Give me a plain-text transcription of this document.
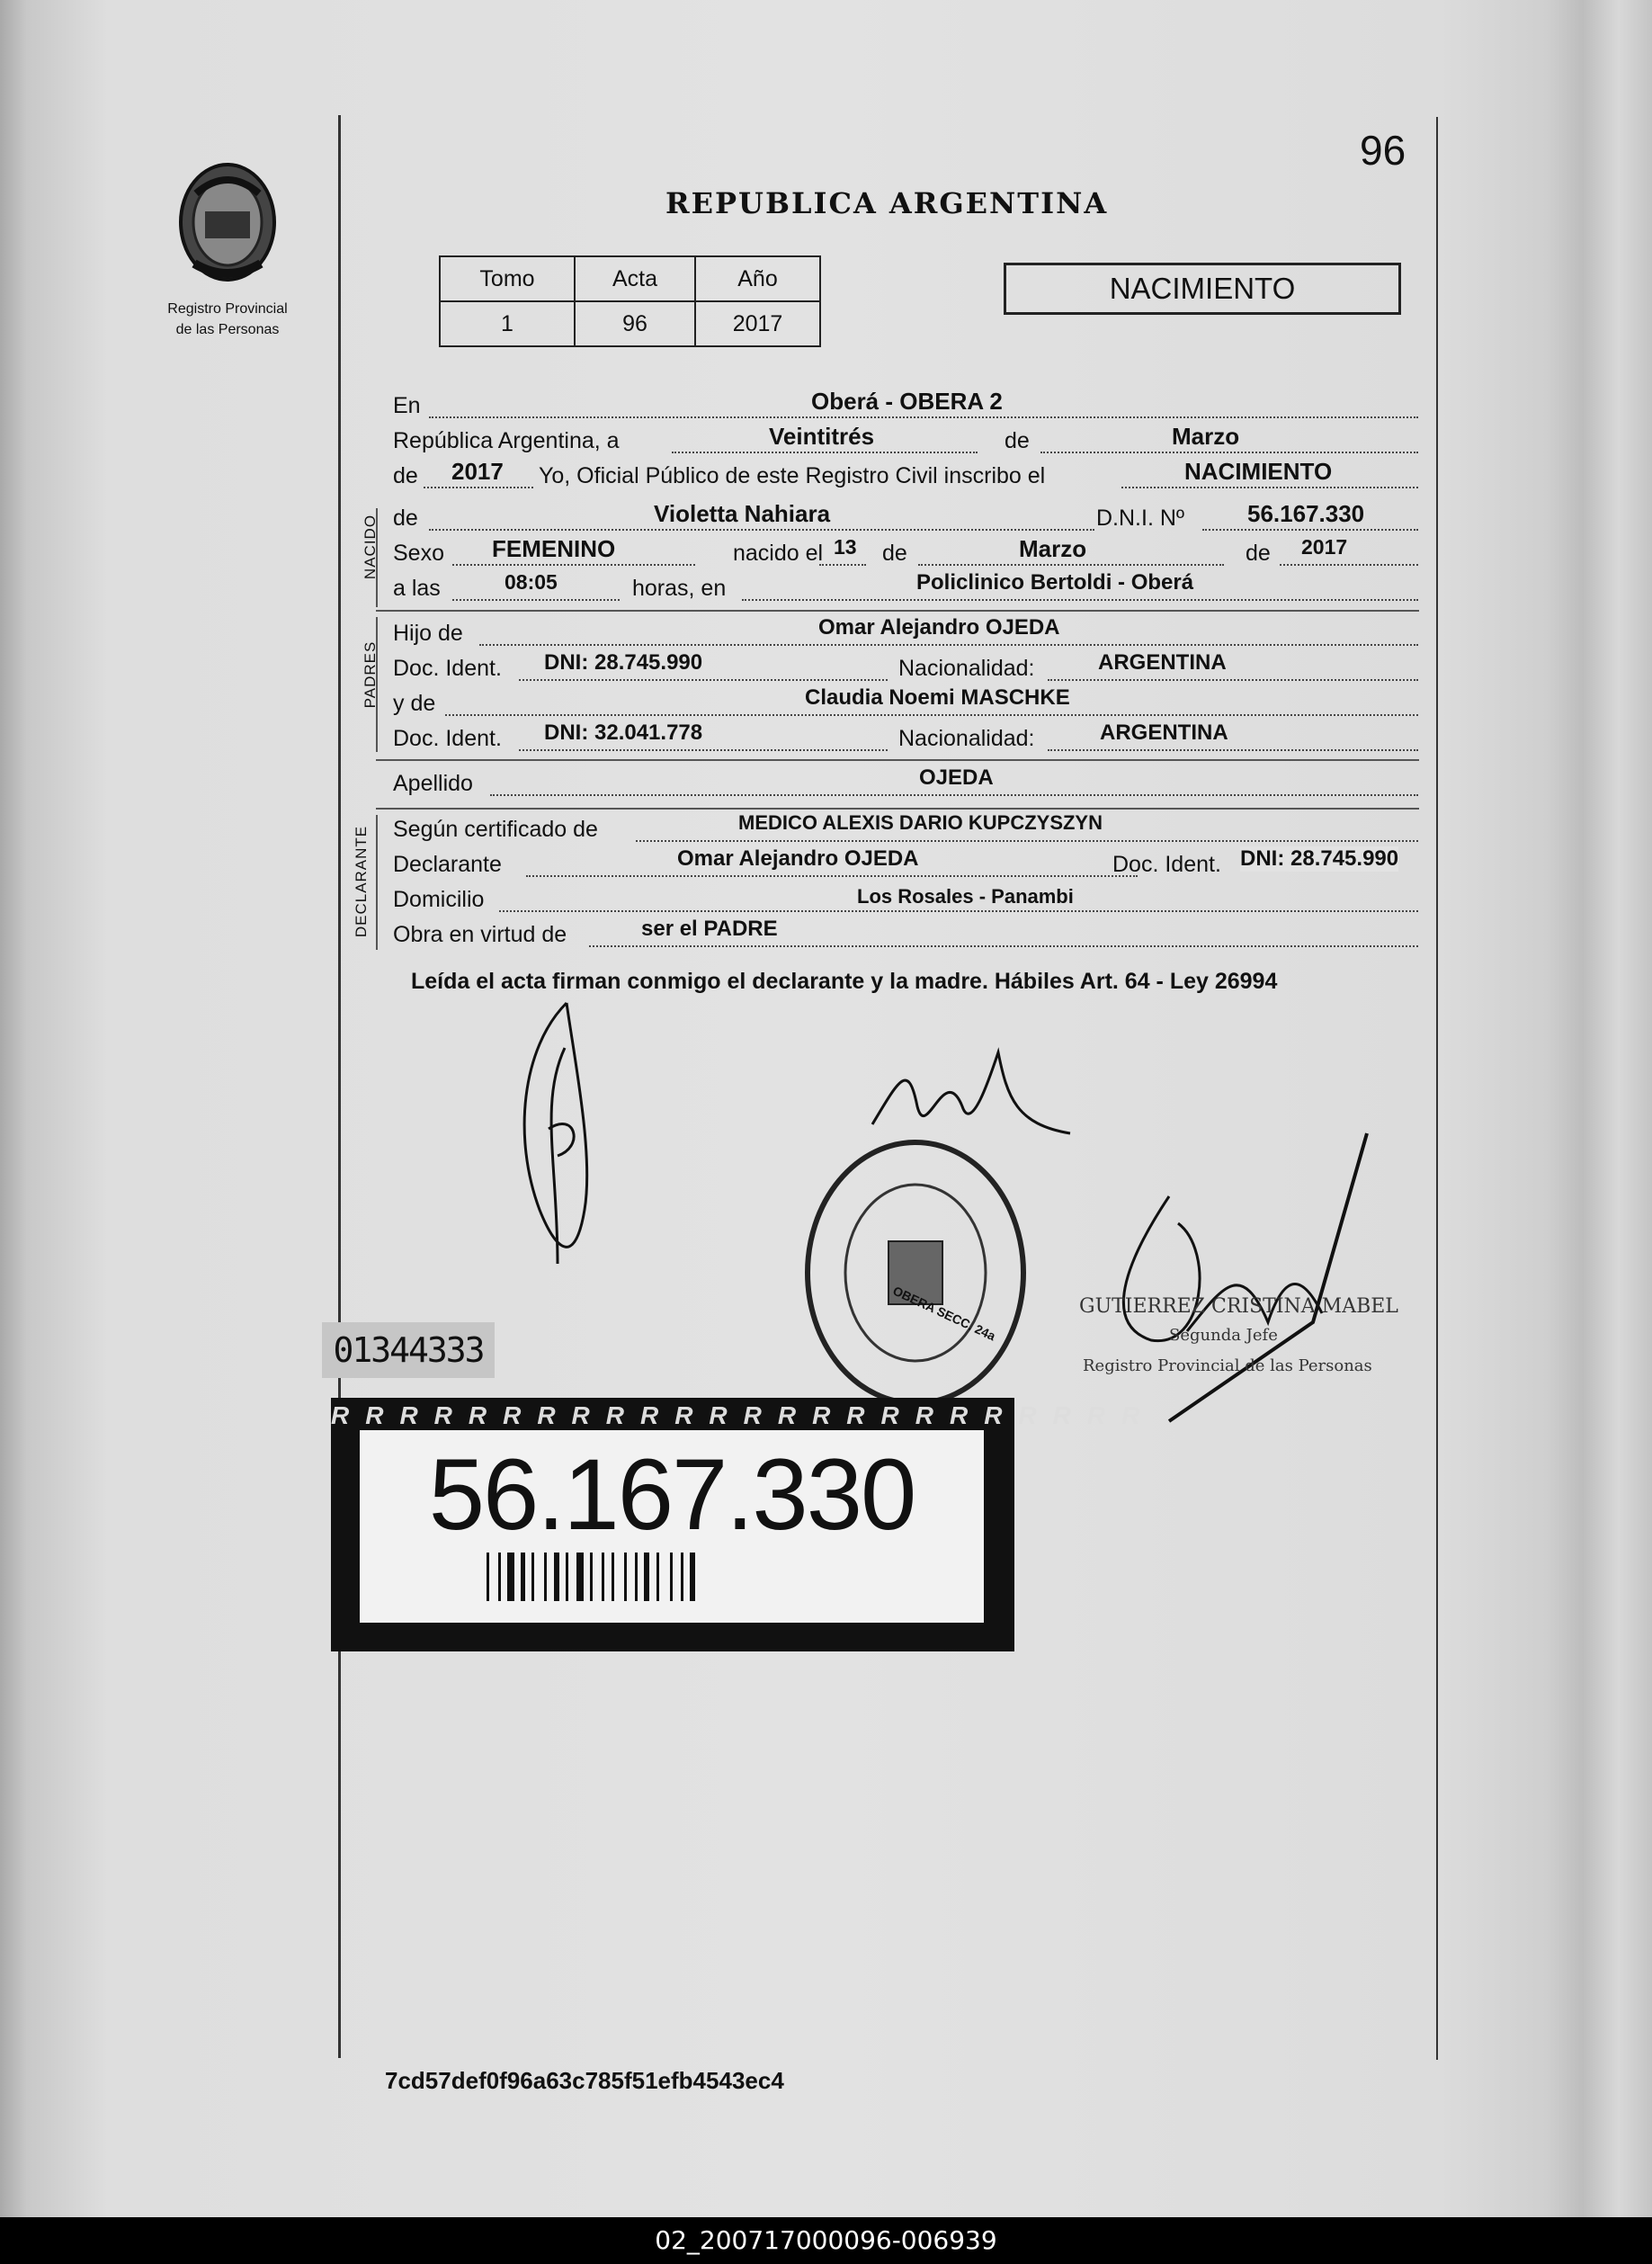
Registro Provincial
de las Personas
96
REPUBLICA ARGENTINA
Tomo	Acta	Año
1	96	2017
NACIMIENTO
En	Oberá - OBERA 2
República Argentina, a	Veintitrés	de	Marzo
de 2017 Yo, Oficial Público de este Registro Civil inscribo el	NACIMIENTO
NACIDO de	Violetta Nahiara	D.N.I. Nº	56.167.330
Sexo FEMENINO	nacido el 13 de	Marzo	de 2017
a las	08:05	horas, en	Policlinico Bertoldi - Oberá
PADRES
Hijo de	Omar Alejandro OJEDA
Doc. Ident. DNI: 28.745.990	Nacionalidad:	ARGENTINA
y de	Claudia Noemi MASCHKE
Doc. Ident. DNI: 32.041.778	Nacionalidad:	ARGENTINA
Apellido	OJEDA
DECLARANTE Según certificado de	MEDICO ALEXIS DARIO KUPCZYSZYN
Declarante	Omar Alejandro OJEDA	Doc. Ident. DNI: 28.745.990
Domicilio	Los Rosales - Panambi
Obra en virtud de	ser el PADRE
Leída el acta firman conmigo el declarante y la madre. Hábiles Art. 64 - Ley 26994
OBERA SECC. 24a	GUTIERREZ CRISTINA MABEL
Segunda Jefe
Registro Provincial de las Personas
01344333
RRRRRRRRRRRRRRRRRRRRRRRR
56.167.330
7cd57def0f96a63c785f51efb4543ec4
02_200717000096-006939
